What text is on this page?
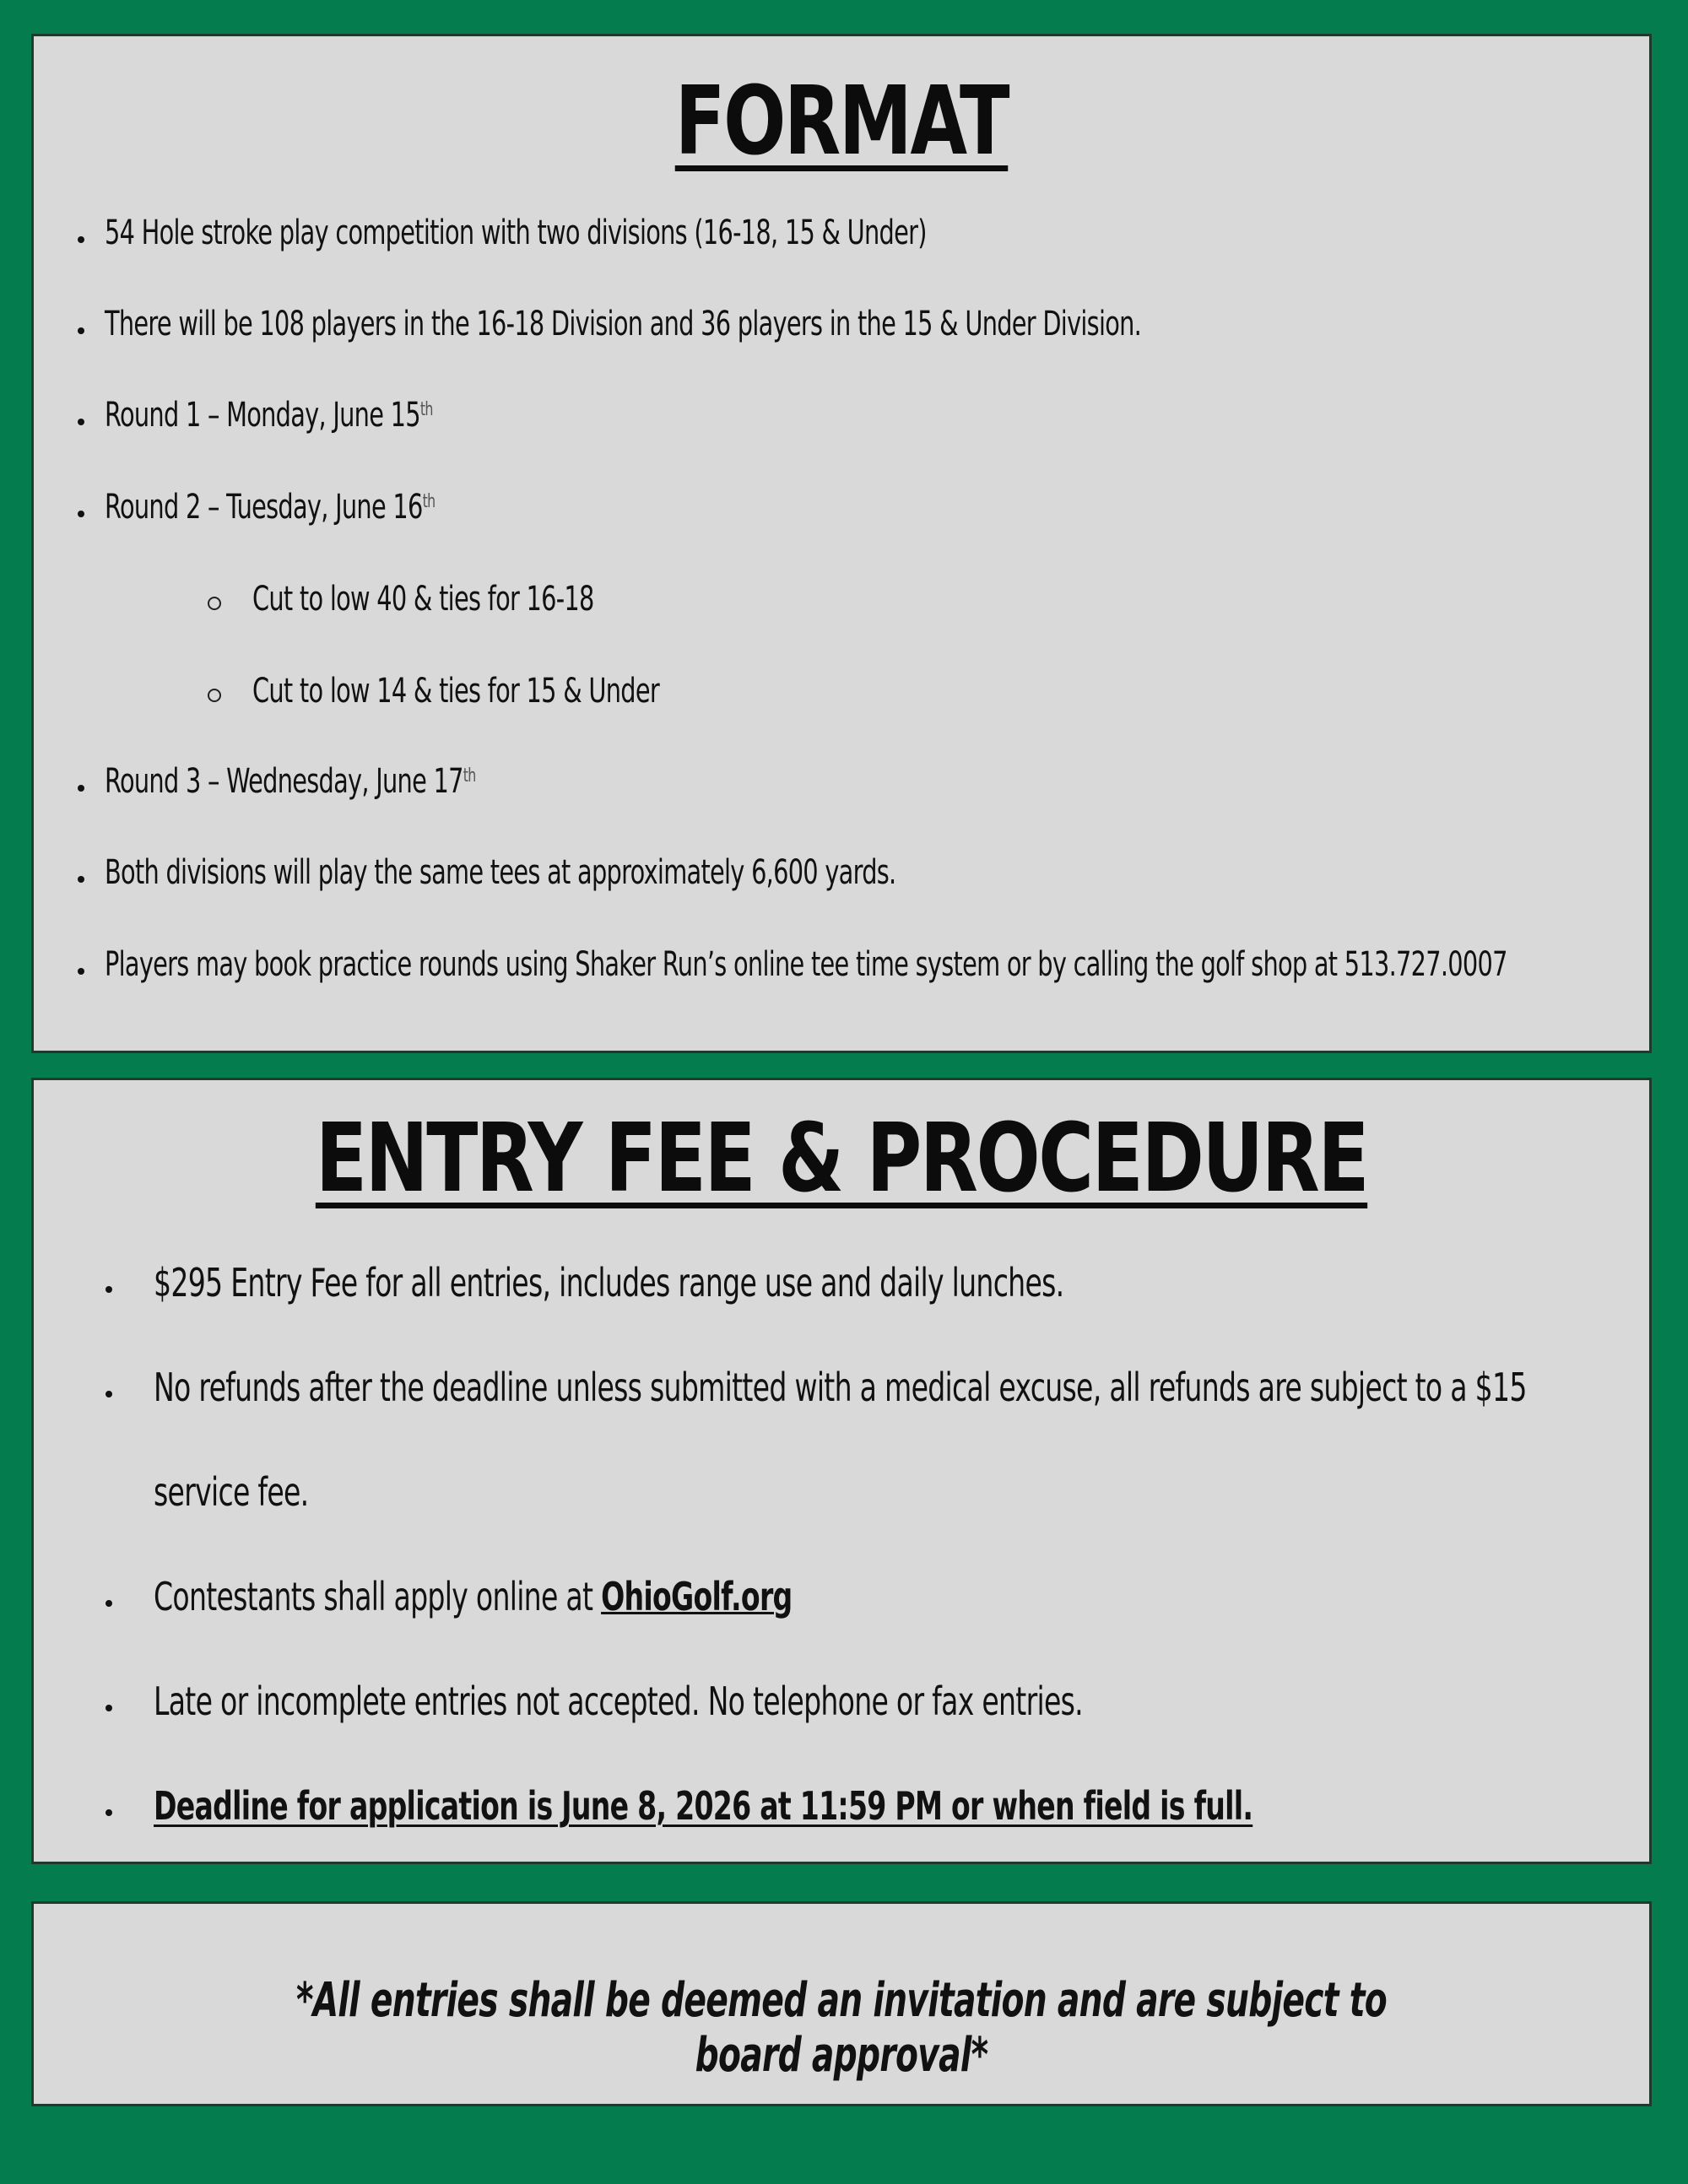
FORMAT
54 Hole stroke play competition with two divisions (16-18, 15 & Under)
There will be 108 players in the 16-18 Division and 36 players in the 15 & Under Division.
Round 1 – Monday, June 15th
Round 2 – Tuesday, June 16th
Cut to low 40 & ties for 16-18
Cut to low 14 & ties for 15 & Under
Round 3 – Wednesday, June 17th
Both divisions will play the same tees at approximately 6,600 yards.
Players may book practice rounds using Shaker Run’s online tee time system or by calling the golf shop at 513.727.0007
ENTRY FEE & PROCEDURE
$295 Entry Fee for all entries, includes range use and daily lunches.
No refunds after the deadline unless submitted with a medical excuse, all refunds are subject to a $15
service fee.
Contestants shall apply online at OhioGolf.org
Late or incomplete entries not accepted. No telephone or fax entries.
Deadline for application is June 8, 2026 at 11:59 PM or when field is full.

*All entries shall be deemed an invitation and are subject to board approval*
